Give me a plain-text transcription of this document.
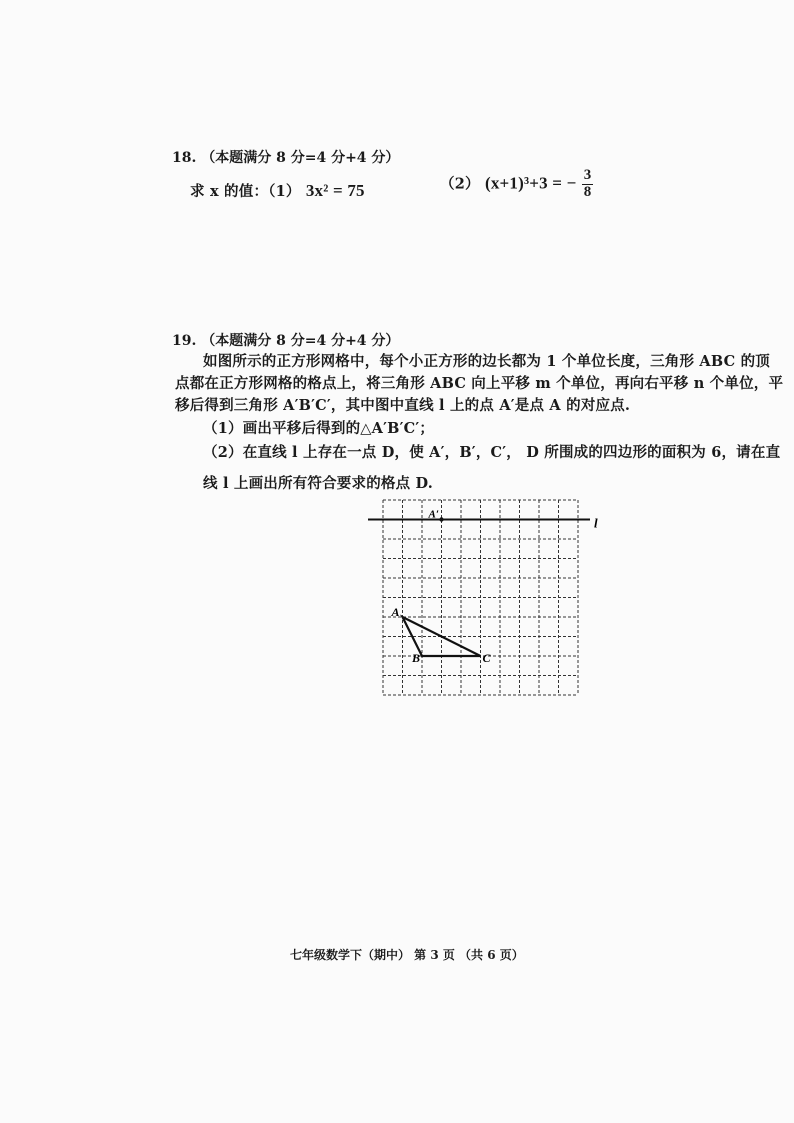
18. （本题满分 8 分=4 分+4 分）
求 x 的值：（1） 3x² = 75	（2） (x+1)³+3 = − $\frac{3}{8}$
19. （本题满分 8 分=4 分+4 分）
如图所示的正方形网格中，每个小正方形的边长都为 1 个单位长度，三角形 ABC 的顶
点都在正方形网格的格点上，将三角形 ABC 向上平移 m 个单位，再向右平移 n 个单位，平
移后得到三角形 A′B′C′，其中图中直线 l 上的点 A′是点 A 的对应点.
（1）画出平移后得到的△A′B′C′；
（2）在直线 l 上存在一点 D，使 A′，B′，C′， D 所围成的四边形的面积为 6，请在直
线 l 上画出所有符合要求的格点 D.
A′
A
B	C
l
七年级数学下（期中） 第 3 页 （共 6 页）
